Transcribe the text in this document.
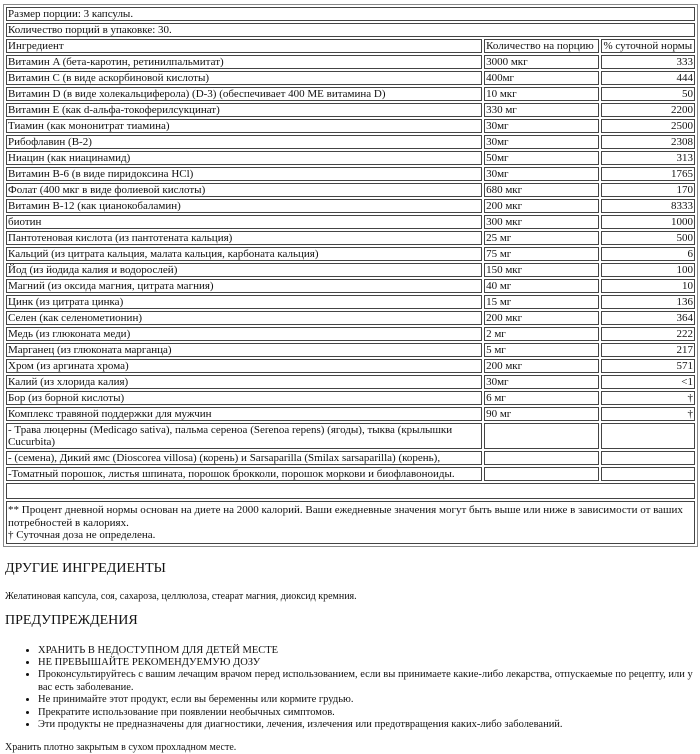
Размер порции: 3 капсулы.		
Количество порций в упаковке: 30.		
Ингредиент	Количество на порцию	% суточной нормы
Витамин A (бета-каротин, ретинилпальмитат)	3000 мкг	333
Витамин C (в виде аскорбиновой кислоты)	400мг	444
Витамин D (в виде холекальциферола) (D-3) (обеспечивает 400 МЕ витамина D)	10 мкг	50
Витамин E (как d-альфа-токоферилсукцинат)	330 мг	2200
Тиамин (как мононитрат тиамина)	30мг	2500
Рибофлавин (B-2)	30мг	2308
Ниацин (как ниацинамид)	50мг	313
Витамин B-6 (в виде пиридоксина HCl)	30мг	1765
Фолат (400 мкг в виде фолиевой кислоты)	680 мкг	170
Витамин B-12 (как цианокобаламин)	200 мкг	8333
биотин	300 мкг	1000
Пантотеновая кислота (из пантотената кальция)	25 мг	500
Кальций (из цитрата кальция, малата кальция, карбоната кальция)	75 мг	6
Йод (из йодида калия и водорослей)	150 мкг	100
Магний (из оксида магния, цитрата магния)	40 мг	10
Цинк (из цитрата цинка)	15 мг	136
Селен (как селенометионин)	200 мкг	364
Медь (из глюконата меди)	2 мг	222
Марганец (из глюконата марганца)	5 мг	217
Хром (из аргината хрома)	200 мкг	571
Калий (из хлорида калия)	30мг	<1
Бор (из борной кислоты)	6 мг	†
Комплекс травяной поддержки для мужчин	90 мг	†
- Трава люцерны (Medicago sativa), пальма сереноа (Serenoa repens) (ягоды), тыква (крылышки Cucurbita)		
- (семена), Дикий ямс (Dioscorea villosa) (корень) и Sarsaparilla (Smilax sarsaparilla) (корень),		
-Томатный порошок, листья шпината, порошок брокколи, порошок моркови и биофлавоноиды.		

** Процент дневной нормы основан на диете на 2000 калорий. Ваши ежедневные значения могут быть выше или ниже в зависимости от ваших потребностей в калориях.
† Суточная доза не определена.		
ДРУГИЕ ИНГРЕДИЕНТЫ

Желатиновая капсула, соя, сахароза, целлюлоза, стеарат магния, диоксид кремния.

ПРЕДУПРЕЖДЕНИЯ
• ХРАНИТЬ В НЕДОСТУПНОМ ДЛЯ ДЕТЕЙ МЕСТЕ
• НЕ ПРЕВЫШАЙТЕ РЕКОМЕНДУЕМУЮ ДОЗУ
• Проконсультируйтесь с вашим лечащим врачом перед использованием, если вы принимаете какие-либо лекарства, отпускаемые по рецепту, или у вас есть заболевание.
• Не принимайте этот продукт, если вы беременны или кормите грудью.
• Прекратите использование при появлении необычных симптомов.
• Эти продукты не предназначены для диагностики, лечения, излечения или предотвращения каких-либо заболеваний.

Хранить плотно закрытым в сухом прохладном месте.
